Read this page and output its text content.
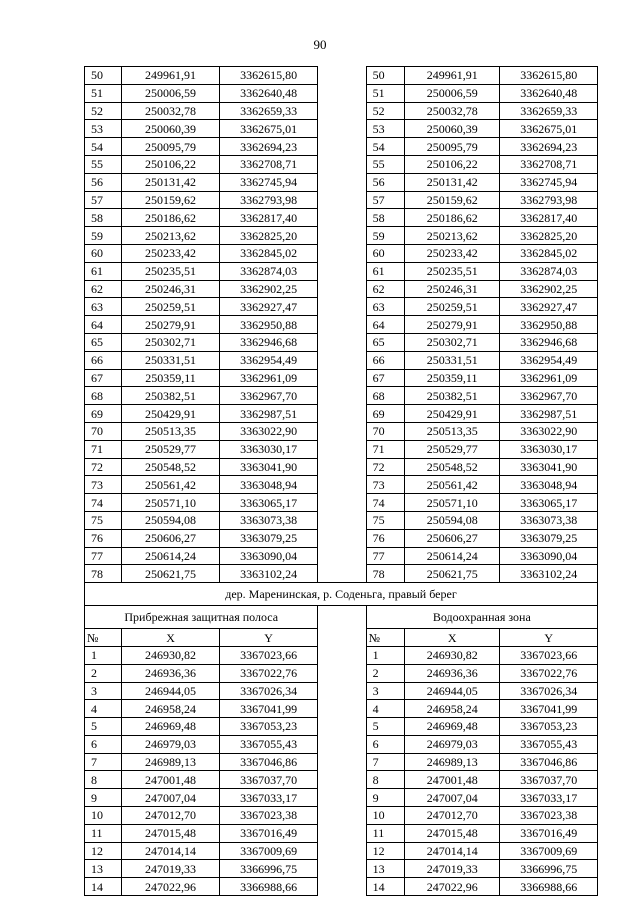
90
50	249961,91	3362615,80		50	249961,91	3362615,80
51	250006,59	3362640,48		51	250006,59	3362640,48
52	250032,78	3362659,33		52	250032,78	3362659,33
53	250060,39	3362675,01		53	250060,39	3362675,01
54	250095,79	3362694,23		54	250095,79	3362694,23
55	250106,22	3362708,71		55	250106,22	3362708,71
56	250131,42	3362745,94		56	250131,42	3362745,94
57	250159,62	3362793,98		57	250159,62	3362793,98
58	250186,62	3362817,40		58	250186,62	3362817,40
59	250213,62	3362825,20		59	250213,62	3362825,20
60	250233,42	3362845,02		60	250233,42	3362845,02
61	250235,51	3362874,03		61	250235,51	3362874,03
62	250246,31	3362902,25		62	250246,31	3362902,25
63	250259,51	3362927,47		63	250259,51	3362927,47
64	250279,91	3362950,88		64	250279,91	3362950,88
65	250302,71	3362946,68		65	250302,71	3362946,68
66	250331,51	3362954,49		66	250331,51	3362954,49
67	250359,11	3362961,09		67	250359,11	3362961,09
68	250382,51	3362967,70		68	250382,51	3362967,70
69	250429,91	3362987,51		69	250429,91	3362987,51
70	250513,35	3363022,90		70	250513,35	3363022,90
71	250529,77	3363030,17		71	250529,77	3363030,17
72	250548,52	3363041,90		72	250548,52	3363041,90
73	250561,42	3363048,94		73	250561,42	3363048,94
74	250571,10	3363065,17		74	250571,10	3363065,17
75	250594,08	3363073,38		75	250594,08	3363073,38
76	250606,27	3363079,25		76	250606,27	3363079,25
77	250614,24	3363090,04		77	250614,24	3363090,04
78	250621,75	3363102,24		78	250621,75	3363102,24
дер. Маренинская, р. Соденьга, правый берег						
Прибрежная защитная полоса				Водоохранная зона		
№	X	Y		№	X	Y
1	246930,82	3367023,66		1	246930,82	3367023,66
2	246936,36	3367022,76		2	246936,36	3367022,76
3	246944,05	3367026,34		3	246944,05	3367026,34
4	246958,24	3367041,99		4	246958,24	3367041,99
5	246969,48	3367053,23		5	246969,48	3367053,23
6	246979,03	3367055,43		6	246979,03	3367055,43
7	246989,13	3367046,86		7	246989,13	3367046,86
8	247001,48	3367037,70		8	247001,48	3367037,70
9	247007,04	3367033,17		9	247007,04	3367033,17
10	247012,70	3367023,38		10	247012,70	3367023,38
11	247015,48	3367016,49		11	247015,48	3367016,49
12	247014,14	3367009,69		12	247014,14	3367009,69
13	247019,33	3366996,75		13	247019,33	3366996,75
14	247022,96	3366988,66		14	247022,96	3366988,66
